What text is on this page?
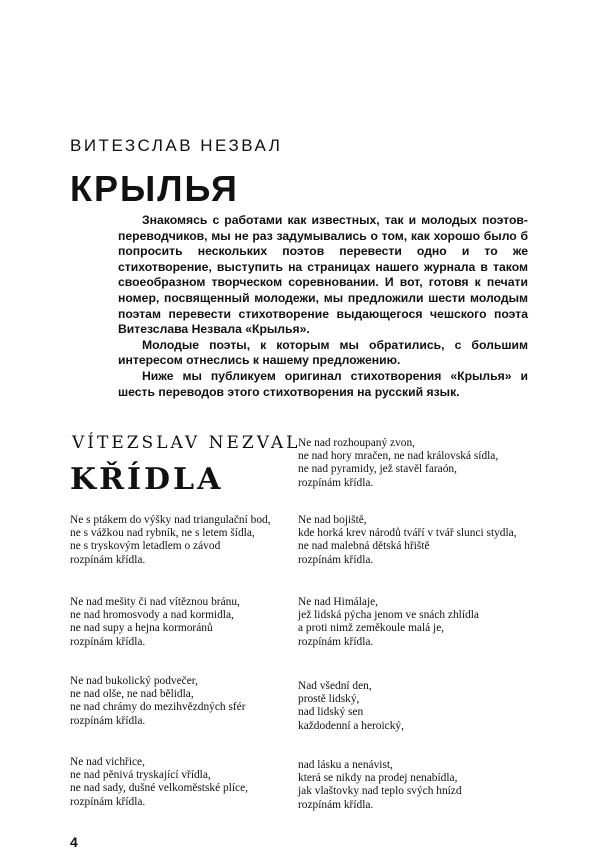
ВИТЕЗСЛАВ НЕЗВАЛ
КРЫЛЬЯ

Знакомясь с работами как известных, так и молодых поэтов-переводчиков, мы не раз задумывались о том, как хорошо было б попросить нескольких поэтов перевести одно и то же стихотворение, выступить на страницах нашего журнала в таком своеобразном творческом соревновании. И вот, готовя к печати номер, посвященный молодежи, мы предложили шести молодым поэтам перевести стихотворение выдающегося чешского поэта Витезслава Незвала «Крылья».

Молодые поэты, к которым мы обратились, с большим интересом отнеслись к нашему предложению.

Ниже мы публикуем оригинал стихотворения «Крылья» и шесть переводов этого стихотворения на русский язык.

VÍTEZSLAV NEZVAL
KŘÍDLA
Ne s ptákem do výšky nad triangulační bod,
ne s vážkou nad rybník, ne s letem šídla,
ne s tryskovým letadlem o závod
rozpínám křídla.
Ne nad mešity či nad vítěznou bránu,
ne nad hromosvody a nad kormidla,
ne nad supy a hejna kormoránů
rozpínám křídla.
Ne nad bukolický podvečer,
ne nad olše, ne nad bělidla,
ne nad chrámy do mezihvězdných sfér
rozpínám křídla.
Ne nad vichřice,
ne nad pěnivá tryskající vřídla,
ne nad sady, dušné velkoměstské plíce,
rozpínám křídla.
Ne nad rozhoupaný zvon,
ne nad hory mračen, ne nad královská sídla,
ne nad pyramidy, jež stavěl faraón,
rozpínám křídla.
Ne nad bojiště,
kde horká krev národů tváří v tvář slunci stydla,
ne nad malebná dětská hřiště
rozpínám křídla.
Ne nad Himálaje,
jež lidská pýcha jenom ve snách zhlídla
a proti nimž zeměkoule malá je,
rozpínám křídla.
Nad všední den,
prostě lidský,
nad lidský sen
každodenní a heroický,
nad lásku a nenávist,
která se nikdy na prodej nenabídla,
jak vlaštovky nad teplo svých hnízd
rozpínám křídla.
4
